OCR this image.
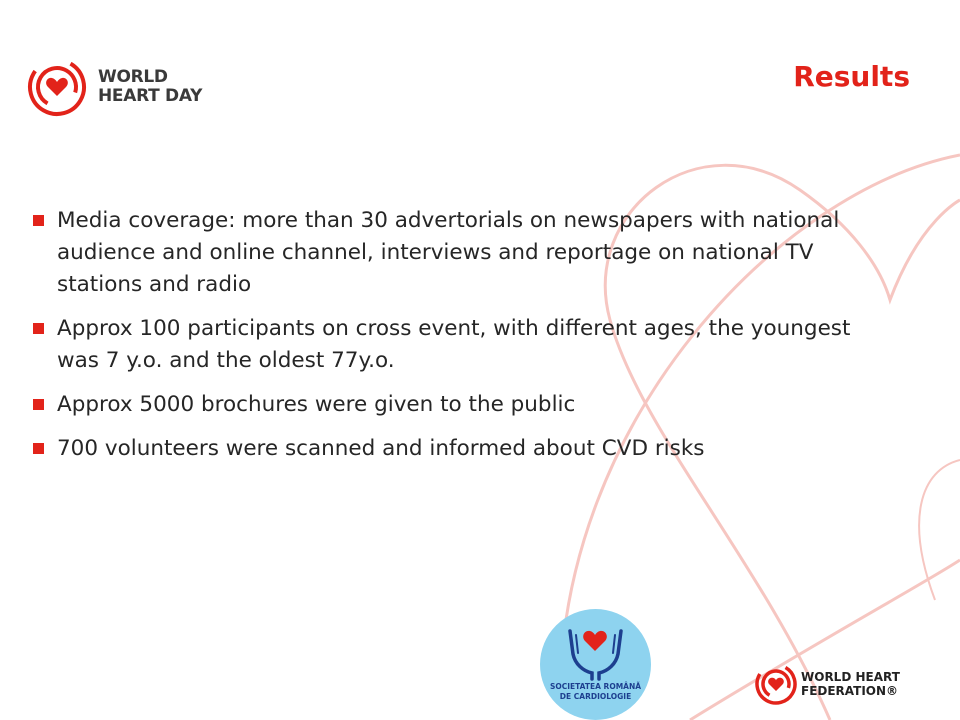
WORLD
HEART DAY
Results
Media coverage: more than 30 advertorials on newspapers with national audience and online channel, interviews and reportage on national TV stations and radio
Approx 100 participants on cross event, with different ages, the youngest was 7 y.o. and the oldest 77y.o.
Approx 5000 brochures were given to the public
700 volunteers were scanned and informed about CVD risks
SOCIETATEA ROMÂNĂ
DE CARDIOLOGIE
WORLD HEART
FEDERATION®
